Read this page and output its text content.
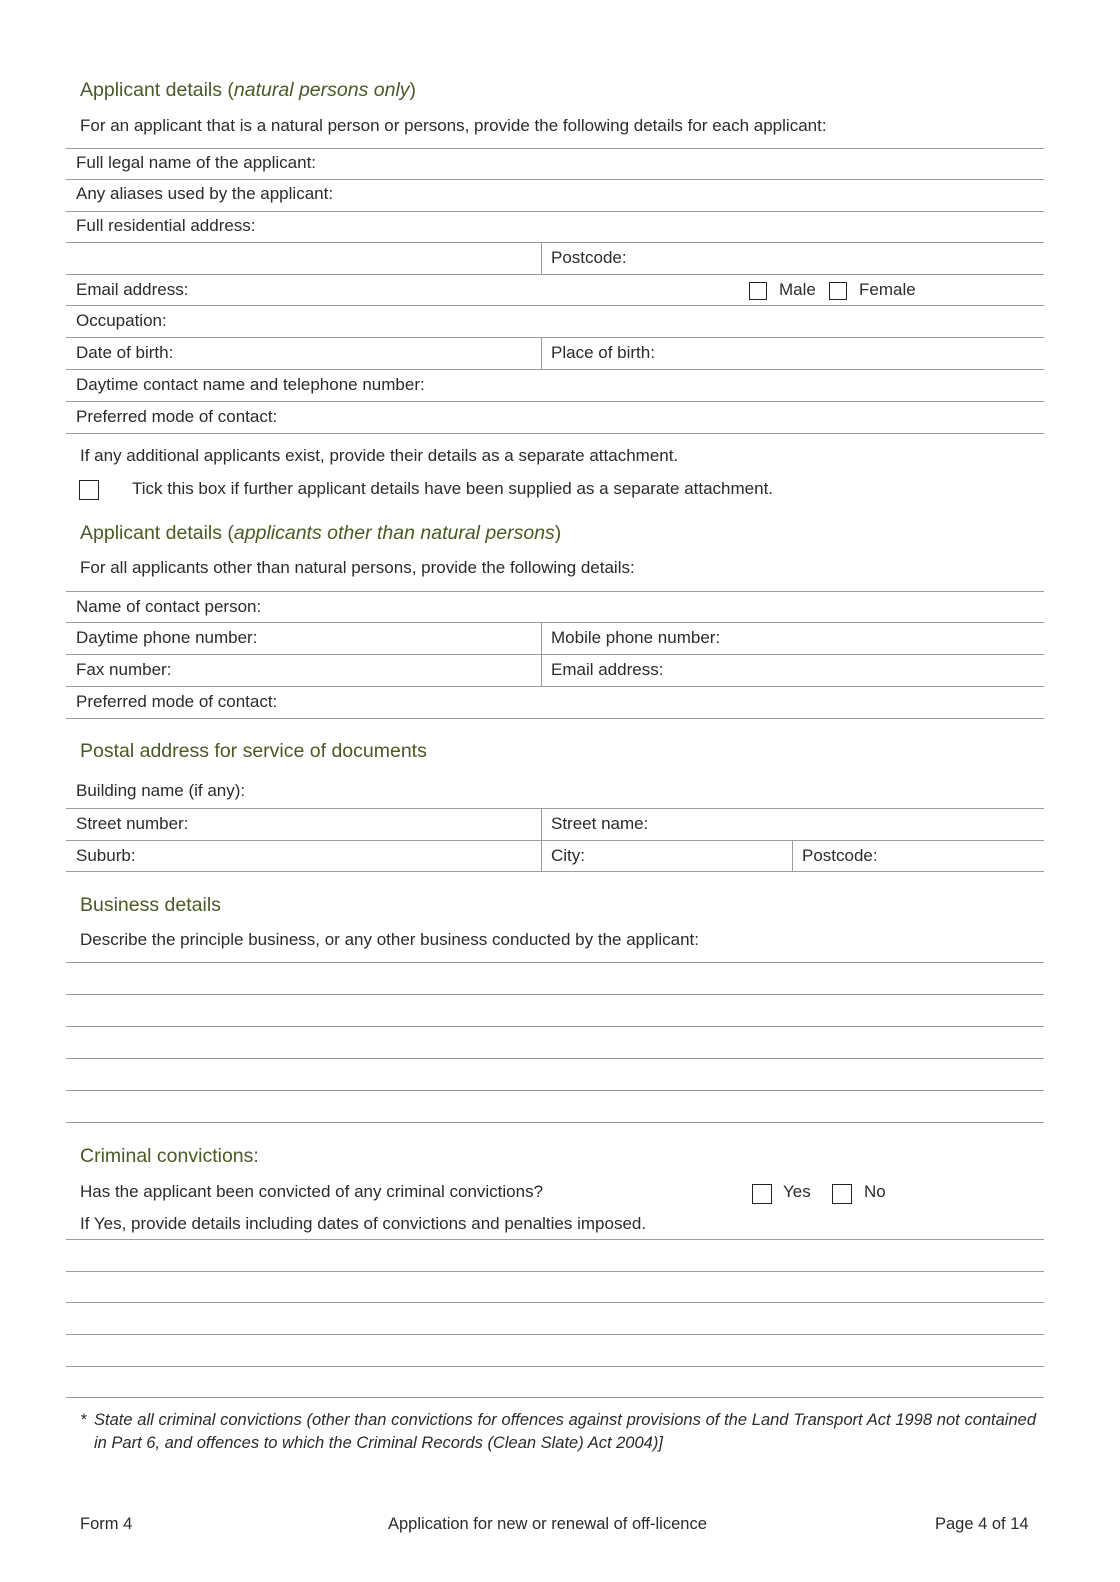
Applicant details (natural persons only)
For an applicant that is a natural person or persons, provide the following details for each applicant:
Full legal name of the applicant:
Any aliases used by the applicant:
Full residential address:
Postcode:
Email address:	Male	Female
Occupation:
Date of birth:	Place of birth:
Daytime contact name and telephone number:
Preferred mode of contact:
If any additional applicants exist, provide their details as a separate attachment.
Tick this box if further applicant details have been supplied as a separate attachment.
Applicant details (applicants other than natural persons)
For all applicants other than natural persons, provide the following details:
Name of contact person:
Daytime phone number:	Mobile phone number:
Fax number:	Email address:
Preferred mode of contact:
Postal address for service of documents
Building name (if any):
Street number:	Street name:
Suburb:	City:	Postcode:
Business details
Describe the principle business, or any other business conducted by the applicant:
Criminal convictions:
Has the applicant been convicted of any criminal convictions?	Yes	No
If Yes, provide details including dates of convictions and penalties imposed.
* State all criminal convictions (other than convictions for offences against provisions of the Land Transport Act 1998 not contained in Part 6, and offences to which the Criminal Records (Clean Slate) Act 2004)]
Form 4	Application for new or renewal of off-licence	Page 4 of 14
